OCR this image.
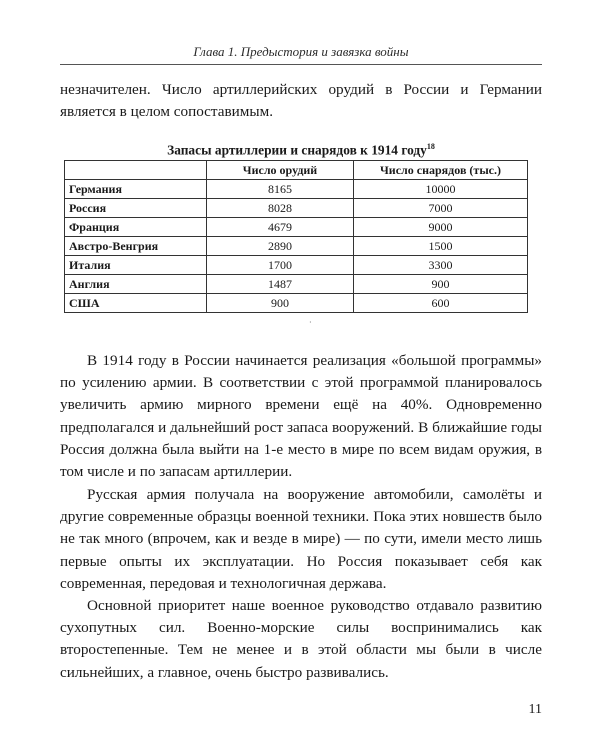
Глава 1. Предыстория и завязка войны

незначителен. Число артиллерийских орудий в России и Германии является в целом сопоставимым.

Запасы артиллерии и снарядов к 1914 году$^{18}$
	Число орудий	Число снарядов (тыс.)
Германия	8165	10000
Россия	8028	7000
Франция	4679	9000
Австро-Венгрия	2890	1500
Италия	1700	3300
Англия	1487	900
США	900	600
·

В 1914 году в России начинается реализация «большой программы» по усилению армии. В соответствии с этой программой планировалось увеличить армию мирного времени ещё на 40%. Одновременно предполагался и дальнейший рост запаса вооружений. В ближайшие годы Россия должна была выйти на 1-е место в мире по всем видам оружия, в том числе и по запасам артиллерии.

Русская армия получала на вооружение автомобили, самолёты и другие современные образцы военной техники. Пока этих новшеств было не так много (впрочем, как и везде в мире) — по сути, имели место лишь первые опыты их эксплуатации. Но Россия показывает себя как современная, передовая и технологичная держава.

Основной приоритет наше военное руководство отдавало развитию сухопутных сил. Военно-морские силы воспринимались как второстепенные. Тем не менее и в этой области мы были в числе сильнейших, а главное, очень быстро развивались.

11
